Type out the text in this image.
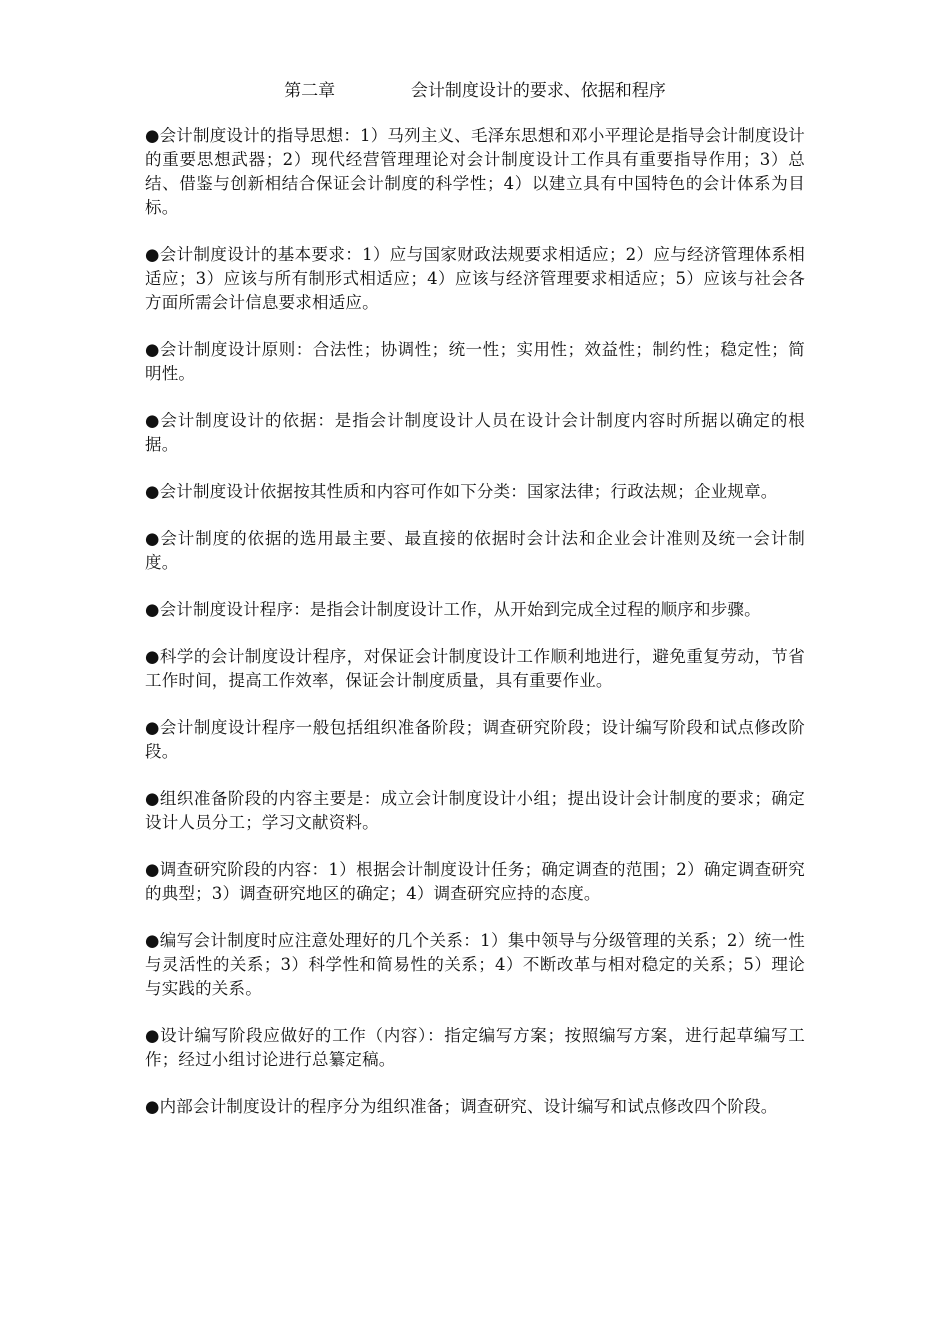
第二章              会计制度设计的要求、依据和程序

●会计制度设计的指导思想：1）马列主义、毛泽东思想和邓小平理论是指导会计制度设计的重要思想武器；2）现代经营管理理论对会计制度设计工作具有重要指导作用；3）总结、借鉴与创新相结合保证会计制度的科学性；4）以建立具有中国特色的会计体系为目标。

●会计制度设计的基本要求：1）应与国家财政法规要求相适应；2）应与经济管理体系相适应；3）应该与所有制形式相适应；4）应该与经济管理要求相适应；5）应该与社会各方面所需会计信息要求相适应。

●会计制度设计原则：合法性；协调性；统一性；实用性；效益性；制约性；稳定性；简明性。

●会计制度设计的依据：是指会计制度设计人员在设计会计制度内容时所据以确定的根据。

●会计制度设计依据按其性质和内容可作如下分类：国家法律；行政法规；企业规章。

●会计制度的依据的选用最主要、最直接的依据时会计法和企业会计准则及统一会计制度。

●会计制度设计程序：是指会计制度设计工作，从开始到完成全过程的顺序和步骤。

●科学的会计制度设计程序，对保证会计制度设计工作顺利地进行，避免重复劳动，节省工作时间，提高工作效率，保证会计制度质量，具有重要作业。

●会计制度设计程序一般包括组织准备阶段；调查研究阶段；设计编写阶段和试点修改阶段。

●组织准备阶段的内容主要是：成立会计制度设计小组；提出设计会计制度的要求；确定设计人员分工；学习文献资料。

●调查研究阶段的内容：1）根据会计制度设计任务；确定调查的范围；2）确定调查研究的典型；3）调查研究地区的确定；4）调查研究应持的态度。

●编写会计制度时应注意处理好的几个关系：1）集中领导与分级管理的关系；2）统一性与灵活性的关系；3）科学性和简易性的关系；4）不断改革与相对稳定的关系；5）理论与实践的关系。

●设计编写阶段应做好的工作（内容）：指定编写方案；按照编写方案，进行起草编写工作；经过小组讨论进行总纂定稿。

●内部会计制度设计的程序分为组织准备；调查研究、设计编写和试点修改四个阶段。
